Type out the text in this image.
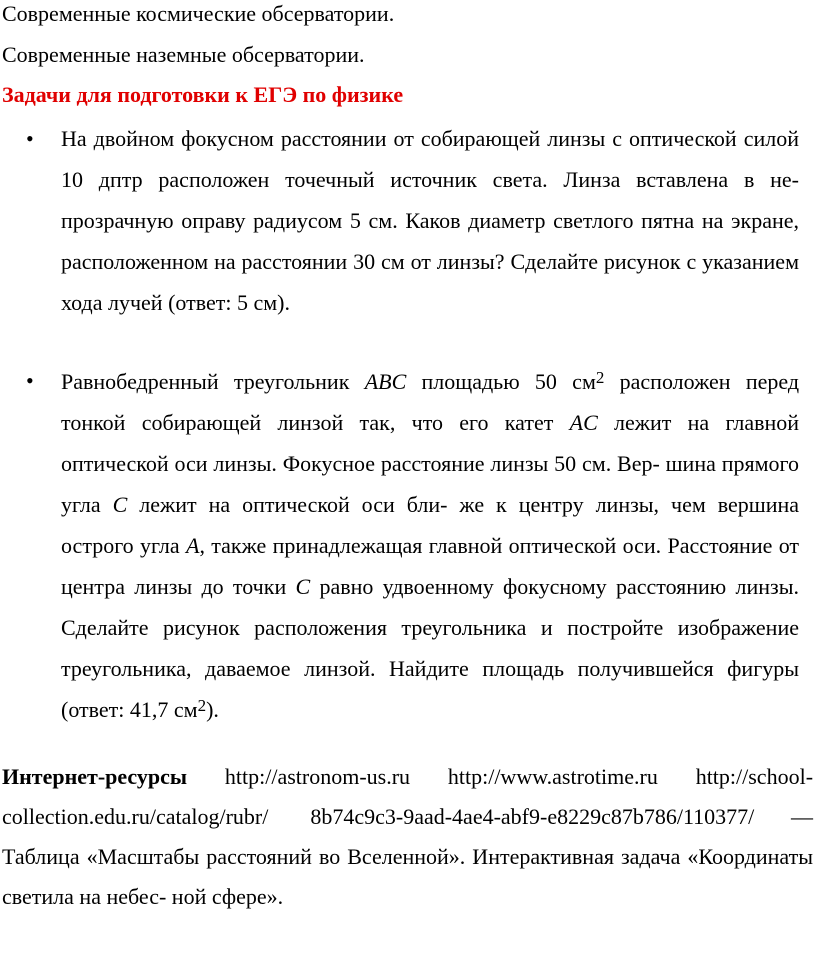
Современные космические обсерватории.
Современные наземные обсерватории.
Задачи для подготовки к ЕГЭ по физике
• На двойном фокусном расстоянии от собирающей линзы с оптической силой 10 дптр расположен точечный источник света. Линза вставлена в не- прозрачную оправу радиусом 5 см. Каков диаметр светлого пятна на экране, расположенном на расстоянии 30 см от линзы? Сделайте рисунок с указанием хода лучей (ответ: 5 см).
• Равнобедренный треугольник ABC площадью 50 $см^2$ расположен перед тонкой собирающей линзой так, что его катет AC лежит на главной оптической оси линзы. Фокусное расстояние линзы 50 см. Вер- шина прямого угла C лежит на оптической оси бли- же к центру линзы, чем вершина острого угла A, также принадлежащая главной оптической оси. Расстояние от центра линзы до точки C равно удвоенному фокусному расстоянию линзы. Сделайте рисунок расположения треугольника и постройте изображение треугольника, даваемое линзой. Найдите площадь получившейся фигуры (ответ: 41,7 $см^2$).
Интернет-ресурсы http://astronom-us.ru http://www.astrotime.ru http://school-collection.edu.ru/catalog/rubr/ 8b74c9c3-9aad-4ae4-abf9-e8229c87b786/110377/ — Таблица «Масштабы расстояний во Вселенной». Интерактивная задача «Координаты светила на небес- ной сфере».
